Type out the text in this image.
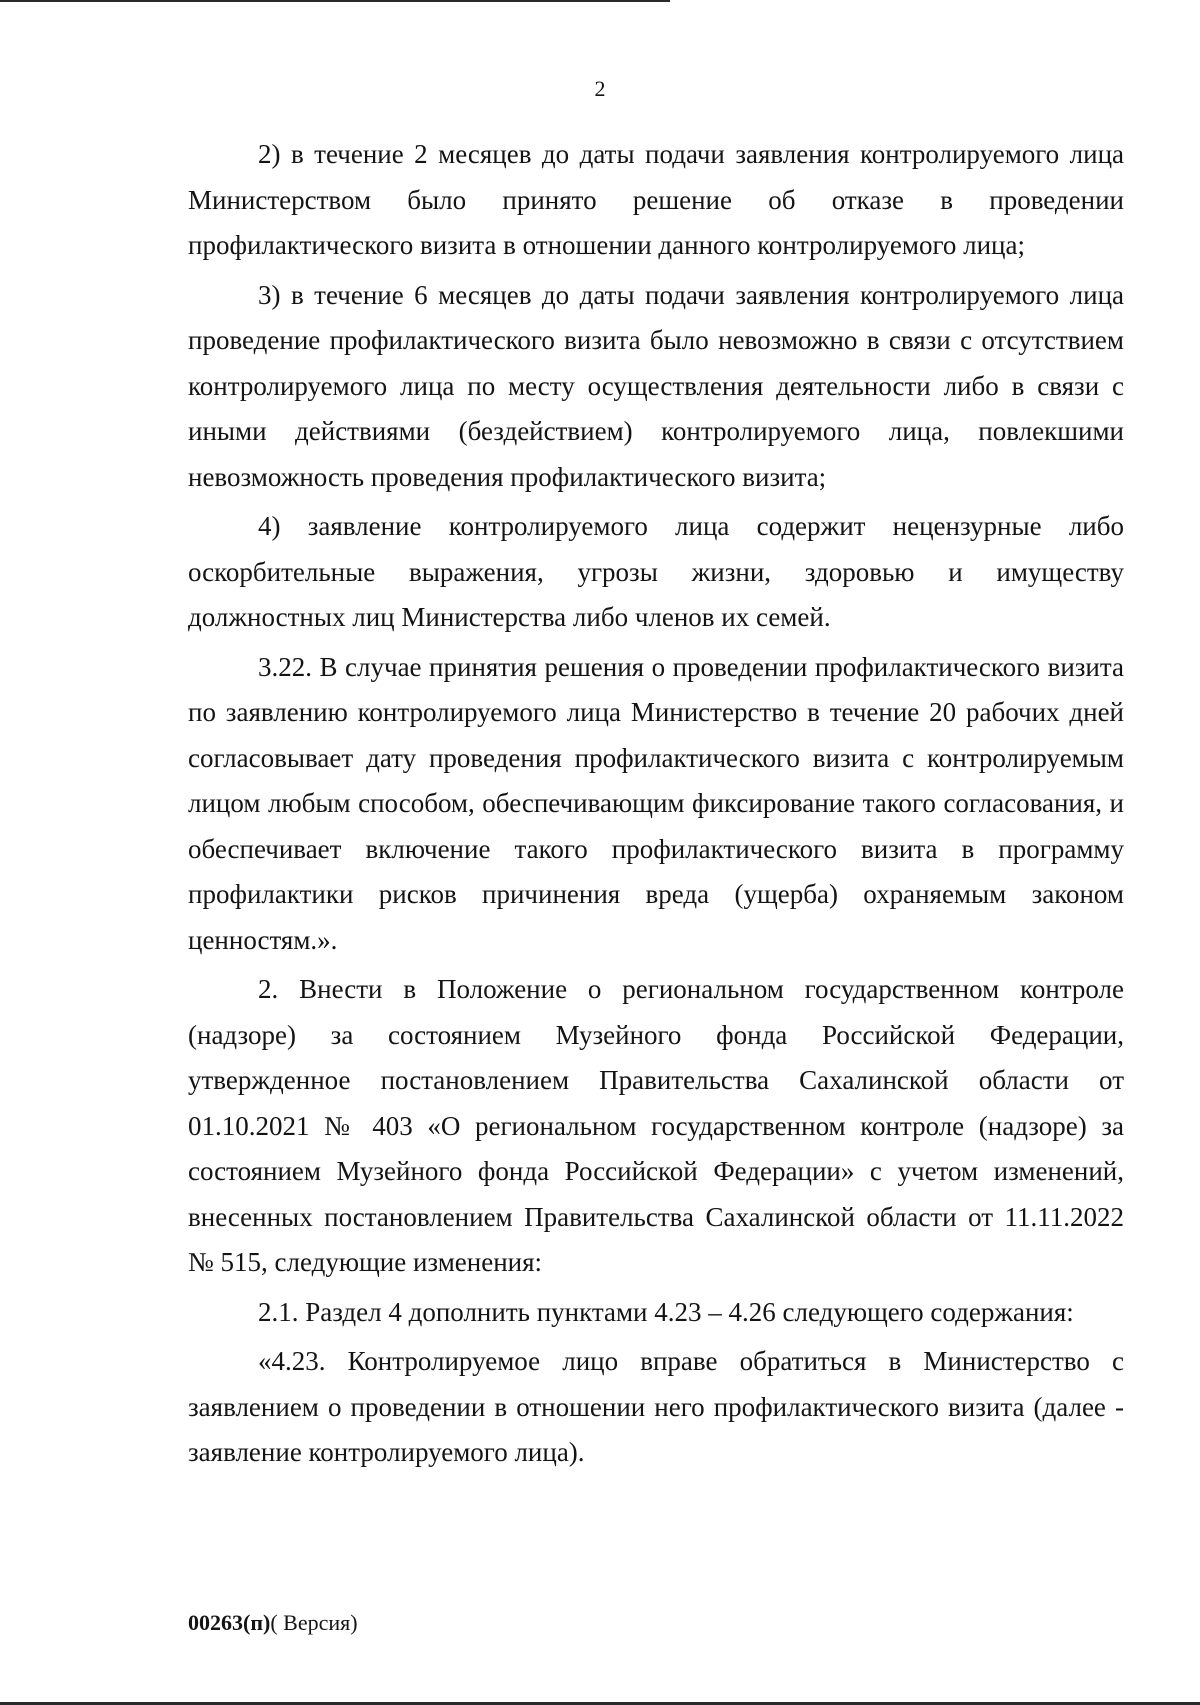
2

2) в течение 2 месяцев до даты подачи заявления контролируемого лица Министерством было принято решение об отказе в проведении профилактического визита в отношении данного контролируемого лица;

3) в течение 6 месяцев до даты подачи заявления контролируемого лица проведение профилактического визита было невозможно в связи с отсутствием контролируемого лица по месту осуществления деятельности либо в связи с иными действиями (бездействием) контролируемого лица, повлекшими невозможность проведения профилактического визита;

4) заявление контролируемого лица содержит нецензурные либо оскорбительные выражения, угрозы жизни, здоровью и имуществу должностных лиц Министерства либо членов их семей.

3.22. В случае принятия решения о проведении профилактического визита по заявлению контролируемого лица Министерство в течение 20 рабочих дней согласовывает дату проведения профилактического визита с контролируемым лицом любым способом, обеспечивающим фиксирование такого согласования, и обеспечивает включение такого профилактического визита в программу профилактики рисков причинения вреда (ущерба) охраняемым законом ценностям.».

2. Внести в Положение о региональном государственном контроле (надзоре) за состоянием Музейного фонда Российской Федерации, утвержденное постановлением Правительства Сахалинской области от 01.10.2021 № 403 «О региональном государственном контроле (надзоре) за состоянием Музейного фонда Российской Федерации» с учетом изменений, внесенных постановлением Правительства Сахалинской области от 11.11.2022 № 515, следующие изменения:

2.1. Раздел 4 дополнить пунктами 4.23 – 4.26 следующего содержания:

«4.23. Контролируемое лицо вправе обратиться в Министерство с заявлением о проведении в отношении него профилактического визита (далее - заявление контролируемого лица).

00263(п)( Версия)
